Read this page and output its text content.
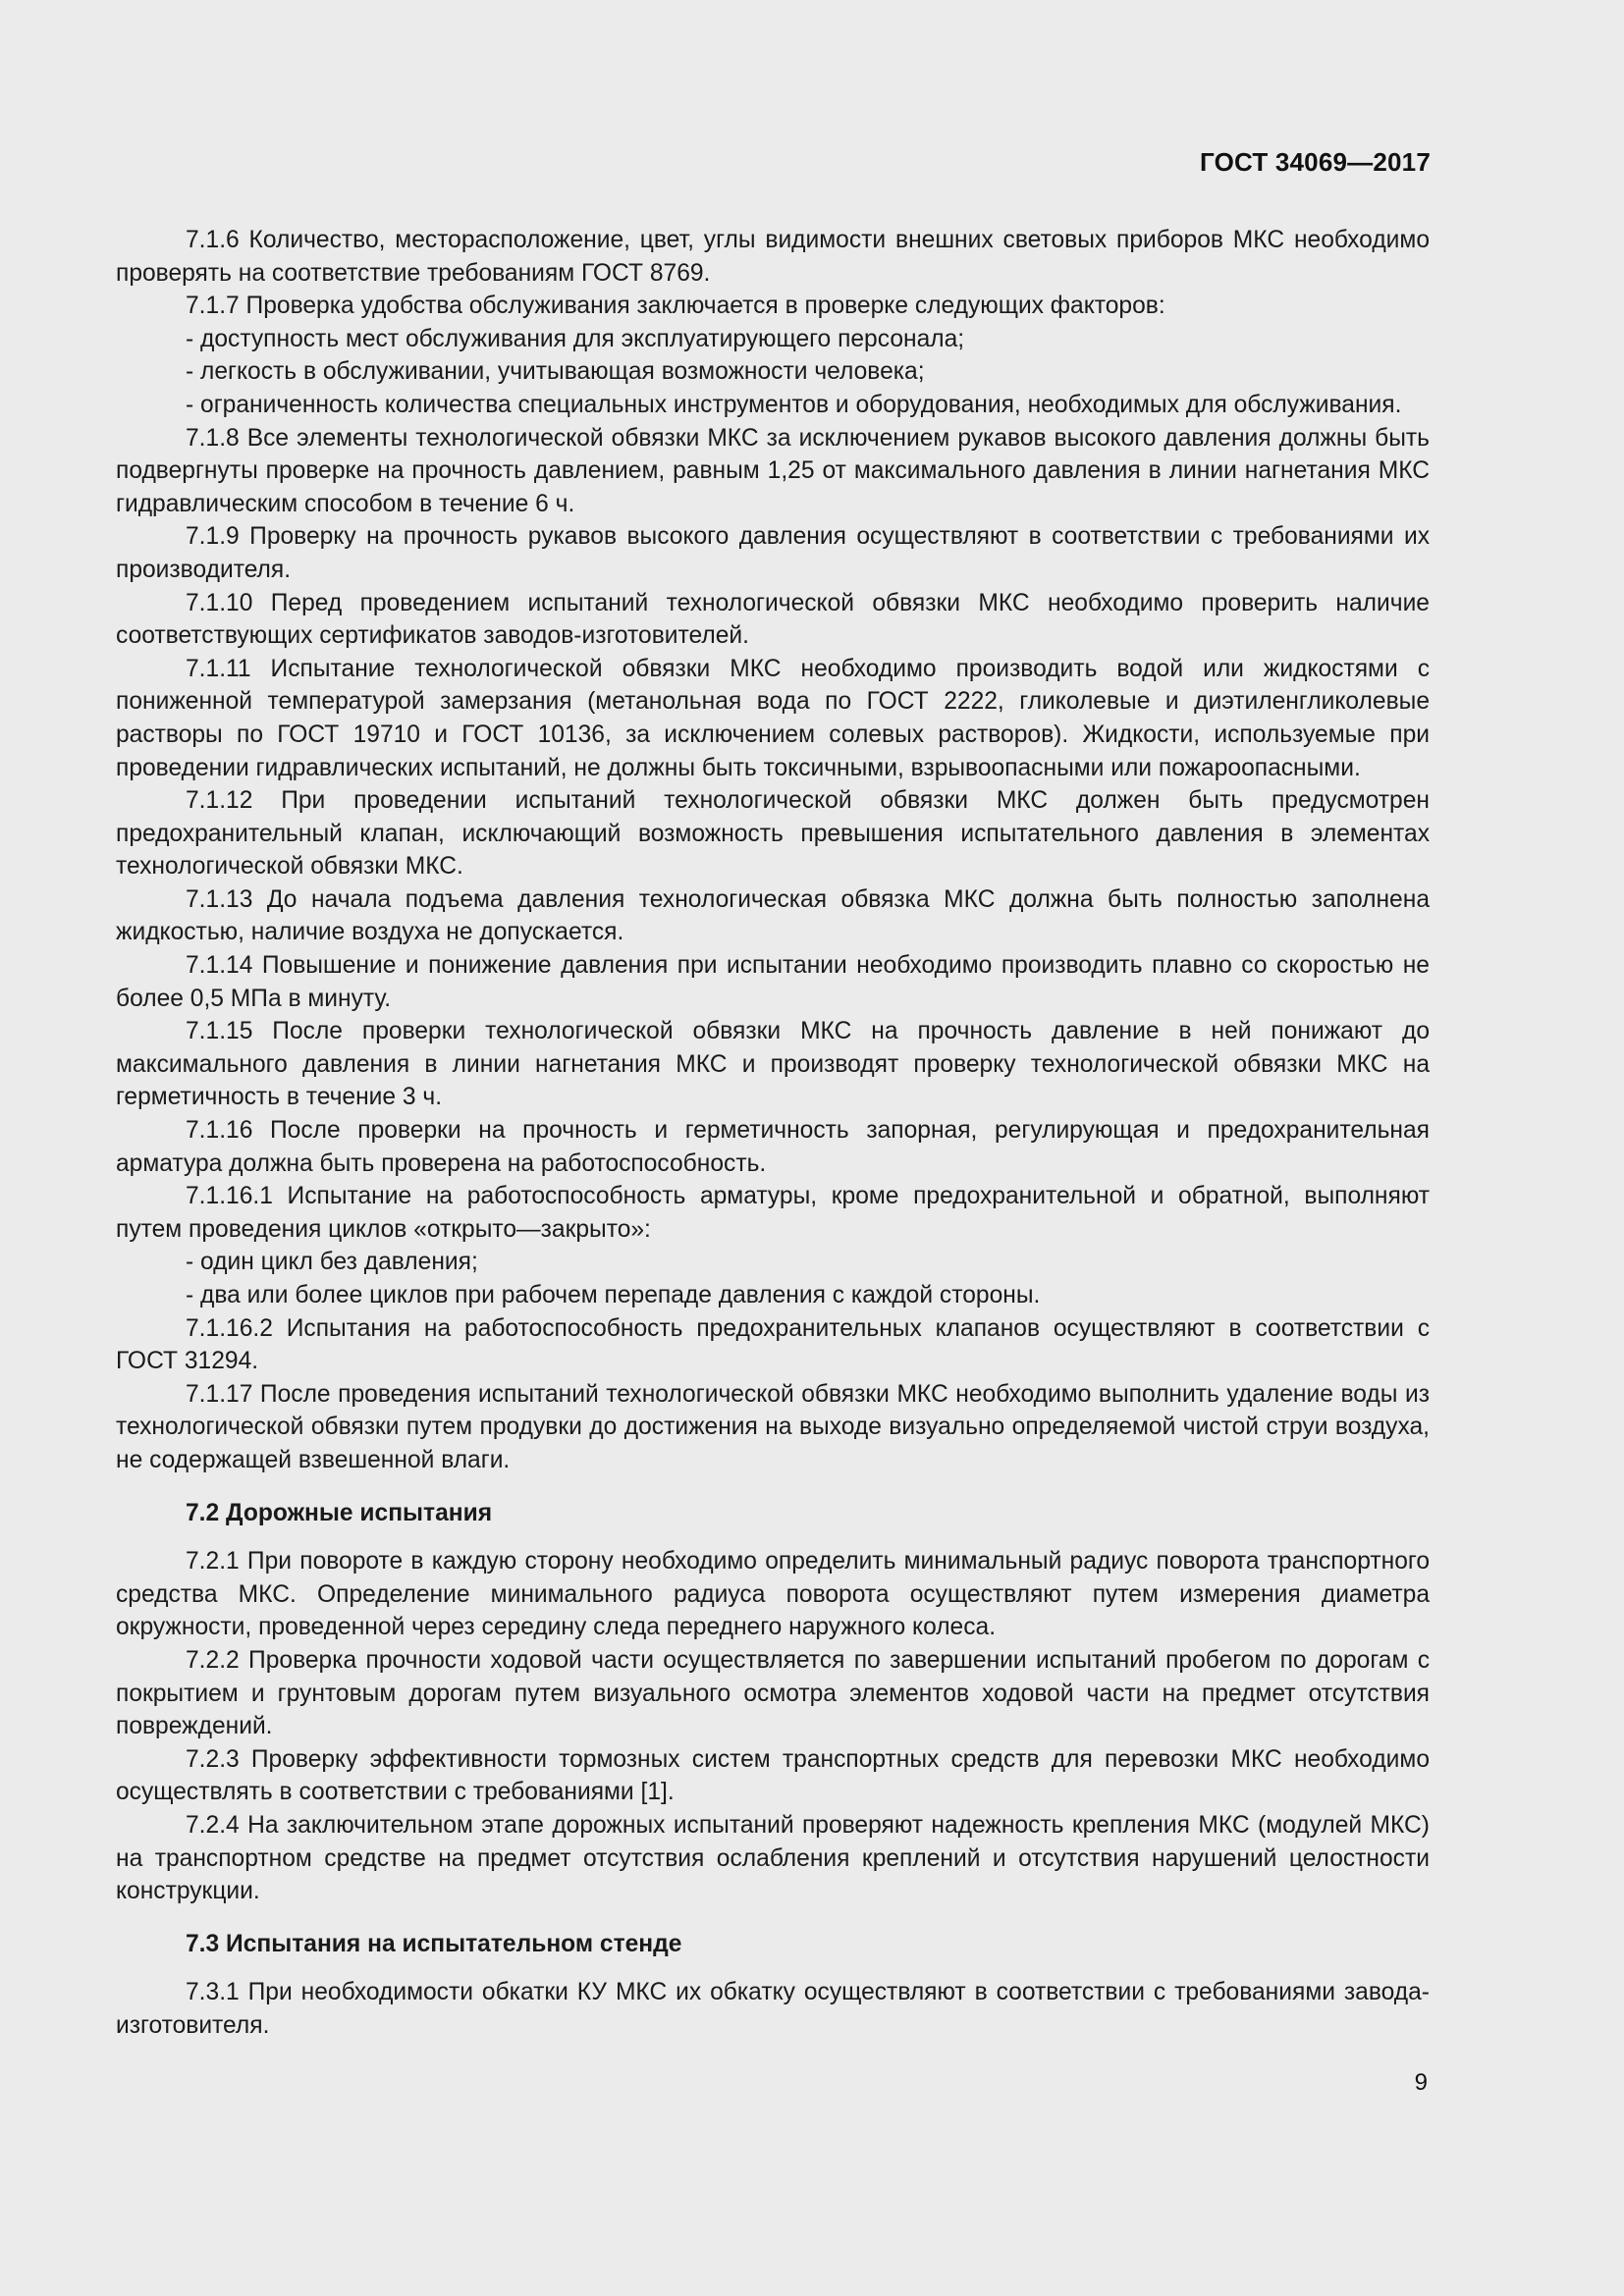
ГОСТ 34069—2017

7.1.6 Количество, месторасположение, цвет, углы видимости внешних световых приборов МКС необходимо проверять на соответствие требованиям ГОСТ 8769.

7.1.7 Проверка удобства обслуживания заключается в проверке следующих факторов:

- доступность мест обслуживания для эксплуатирующего персонала;

- легкость в обслуживании, учитывающая возможности человека;

- ограниченность количества специальных инструментов и оборудования, необходимых для обслуживания.

7.1.8 Все элементы технологической обвязки МКС за исключением рукавов высокого давления должны быть подвергнуты проверке на прочность давлением, равным 1,25 от максимального давления в линии нагнетания МКС гидравлическим способом в течение 6 ч.

7.1.9 Проверку на прочность рукавов высокого давления осуществляют в соответствии с требованиями их производителя.

7.1.10 Перед проведением испытаний технологической обвязки МКС необходимо проверить наличие соответствующих сертификатов заводов-изготовителей.

7.1.11 Испытание технологической обвязки МКС необходимо производить водой или жидкостями с пониженной температурой замерзания (метанольная вода по ГОСТ 2222, гликолевые и диэтиленгликолевые растворы по ГОСТ 19710 и ГОСТ 10136, за исключением солевых растворов). Жидкости, используемые при проведении гидравлических испытаний, не должны быть токсичными, взрывоопасными или пожароопасными.

7.1.12 При проведении испытаний технологической обвязки МКС должен быть предусмотрен предохранительный клапан, исключающий возможность превышения испытательного давления в элементах технологической обвязки МКС.

7.1.13 До начала подъема давления технологическая обвязка МКС должна быть полностью заполнена жидкостью, наличие воздуха не допускается.

7.1.14 Повышение и понижение давления при испытании необходимо производить плавно со скоростью не более 0,5 МПа в минуту.

7.1.15 После проверки технологической обвязки МКС на прочность давление в ней понижают до максимального давления в линии нагнетания МКС и производят проверку технологической обвязки МКС на герметичность в течение 3 ч.

7.1.16 После проверки на прочность и герметичность запорная, регулирующая и предохранительная арматура должна быть проверена на работоспособность.

7.1.16.1 Испытание на работоспособность арматуры, кроме предохранительной и обратной, выполняют путем проведения циклов «открыто—закрыто»:

- один цикл без давления;

- два или более циклов при рабочем перепаде давления с каждой стороны.

7.1.16.2 Испытания на работоспособность предохранительных клапанов осуществляют в соответствии с ГОСТ 31294.

7.1.17 После проведения испытаний технологической обвязки МКС необходимо выполнить удаление воды из технологической обвязки путем продувки до достижения на выходе визуально определяемой чистой струи воздуха, не содержащей взвешенной влаги.

7.2 Дорожные испытания

7.2.1 При повороте в каждую сторону необходимо определить минимальный радиус поворота транспортного средства МКС. Определение минимального радиуса поворота осуществляют путем измерения диаметра окружности, проведенной через середину следа переднего наружного колеса.

7.2.2 Проверка прочности ходовой части осуществляется по завершении испытаний пробегом по дорогам с покрытием и грунтовым дорогам путем визуального осмотра элементов ходовой части на предмет отсутствия повреждений.

7.2.3 Проверку эффективности тормозных систем транспортных средств для перевозки МКС необходимо осуществлять в соответствии с требованиями [1].

7.2.4 На заключительном этапе дорожных испытаний проверяют надежность крепления МКС (модулей МКС) на транспортном средстве на предмет отсутствия ослабления креплений и отсутствия нарушений целостности конструкции.

7.3 Испытания на испытательном стенде

7.3.1 При необходимости обкатки КУ МКС их обкатку осуществляют в соответствии с требованиями завода-изготовителя.

9
